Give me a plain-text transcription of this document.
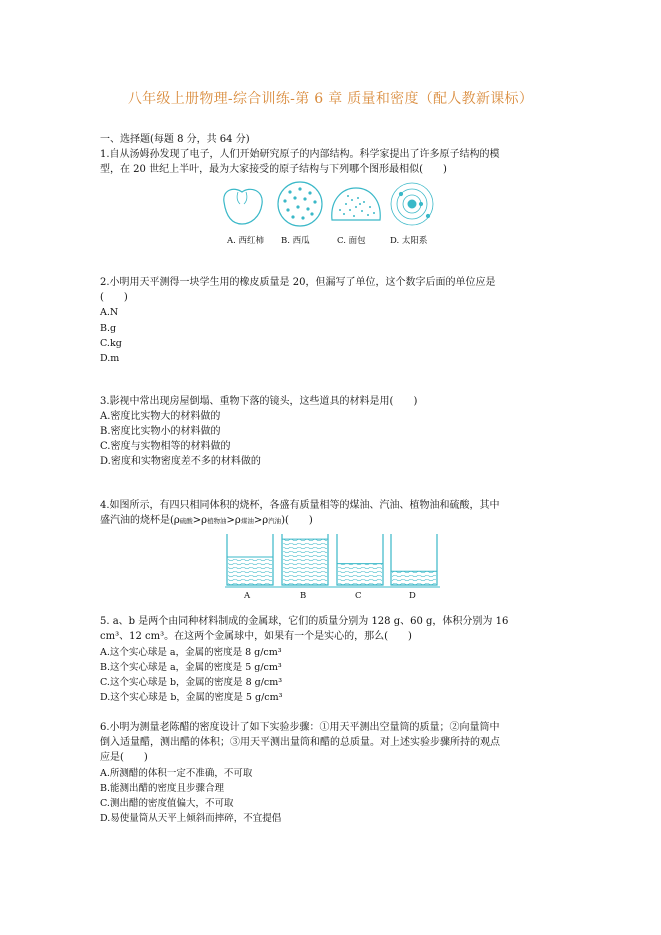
八年级上册物理-综合训练-第 6 章 质量和密度（配人教新课标）
一、选择题(每题 8 分，共 64 分)
1.自从汤姆孙发现了电子，人们开始研究原子的内部结构。科学家提出了许多原子结构的模
型，在 20 世纪上半叶，最为大家接受的原子结构与下列哪个图形最相似(　　)
A. 西红柿 B. 西瓜	C. 面包	D. 太阳系
2.小明用天平测得一块学生用的橡皮质量是 20，但漏写了单位，这个数字后面的单位应是
(　　)
A.N
B.g
C.kg
D.m
3.影视中常出现房屋倒塌、重物下落的镜头，这些道具的材料是用(　　)
A.密度比实物大的材料做的
B.密度比实物小的材料做的
C.密度与实物相等的材料做的
D.密度和实物密度差不多的材料做的
4.如图所示，有四只相同体积的烧杯，各盛有质量相等的煤油、汽油、植物油和硫酸，其中
盛汽油的烧杯是(ρ硫酸>ρ植物油>ρ煤油>ρ汽油)(　　)
A	B	C	D
5. a、b 是两个由同种材料制成的金属球，它们的质量分别为 128 g、60 g，体积分别为 16
cm³、12 cm³。在这两个金属球中，如果有一个是实心的，那么(　　)
A.这个实心球是 a，金属的密度是 8 g/cm³
B.这个实心球是 a，金属的密度是 5 g/cm³
C.这个实心球是 b，金属的密度是 8 g/cm³
D.这个实心球是 b，金属的密度是 5 g/cm³
6.小明为测量老陈醋的密度设计了如下实验步骤：①用天平测出空量筒的质量；②向量筒中
倒入适量醋，测出醋的体积；③用天平测出量筒和醋的总质量。对上述实验步骤所持的观点
应是(　　)
A.所测醋的体积一定不准确，不可取
B.能测出醋的密度且步骤合理
C.测出醋的密度值偏大，不可取
D.易使量筒从天平上倾斜而摔碎，不宜提倡
